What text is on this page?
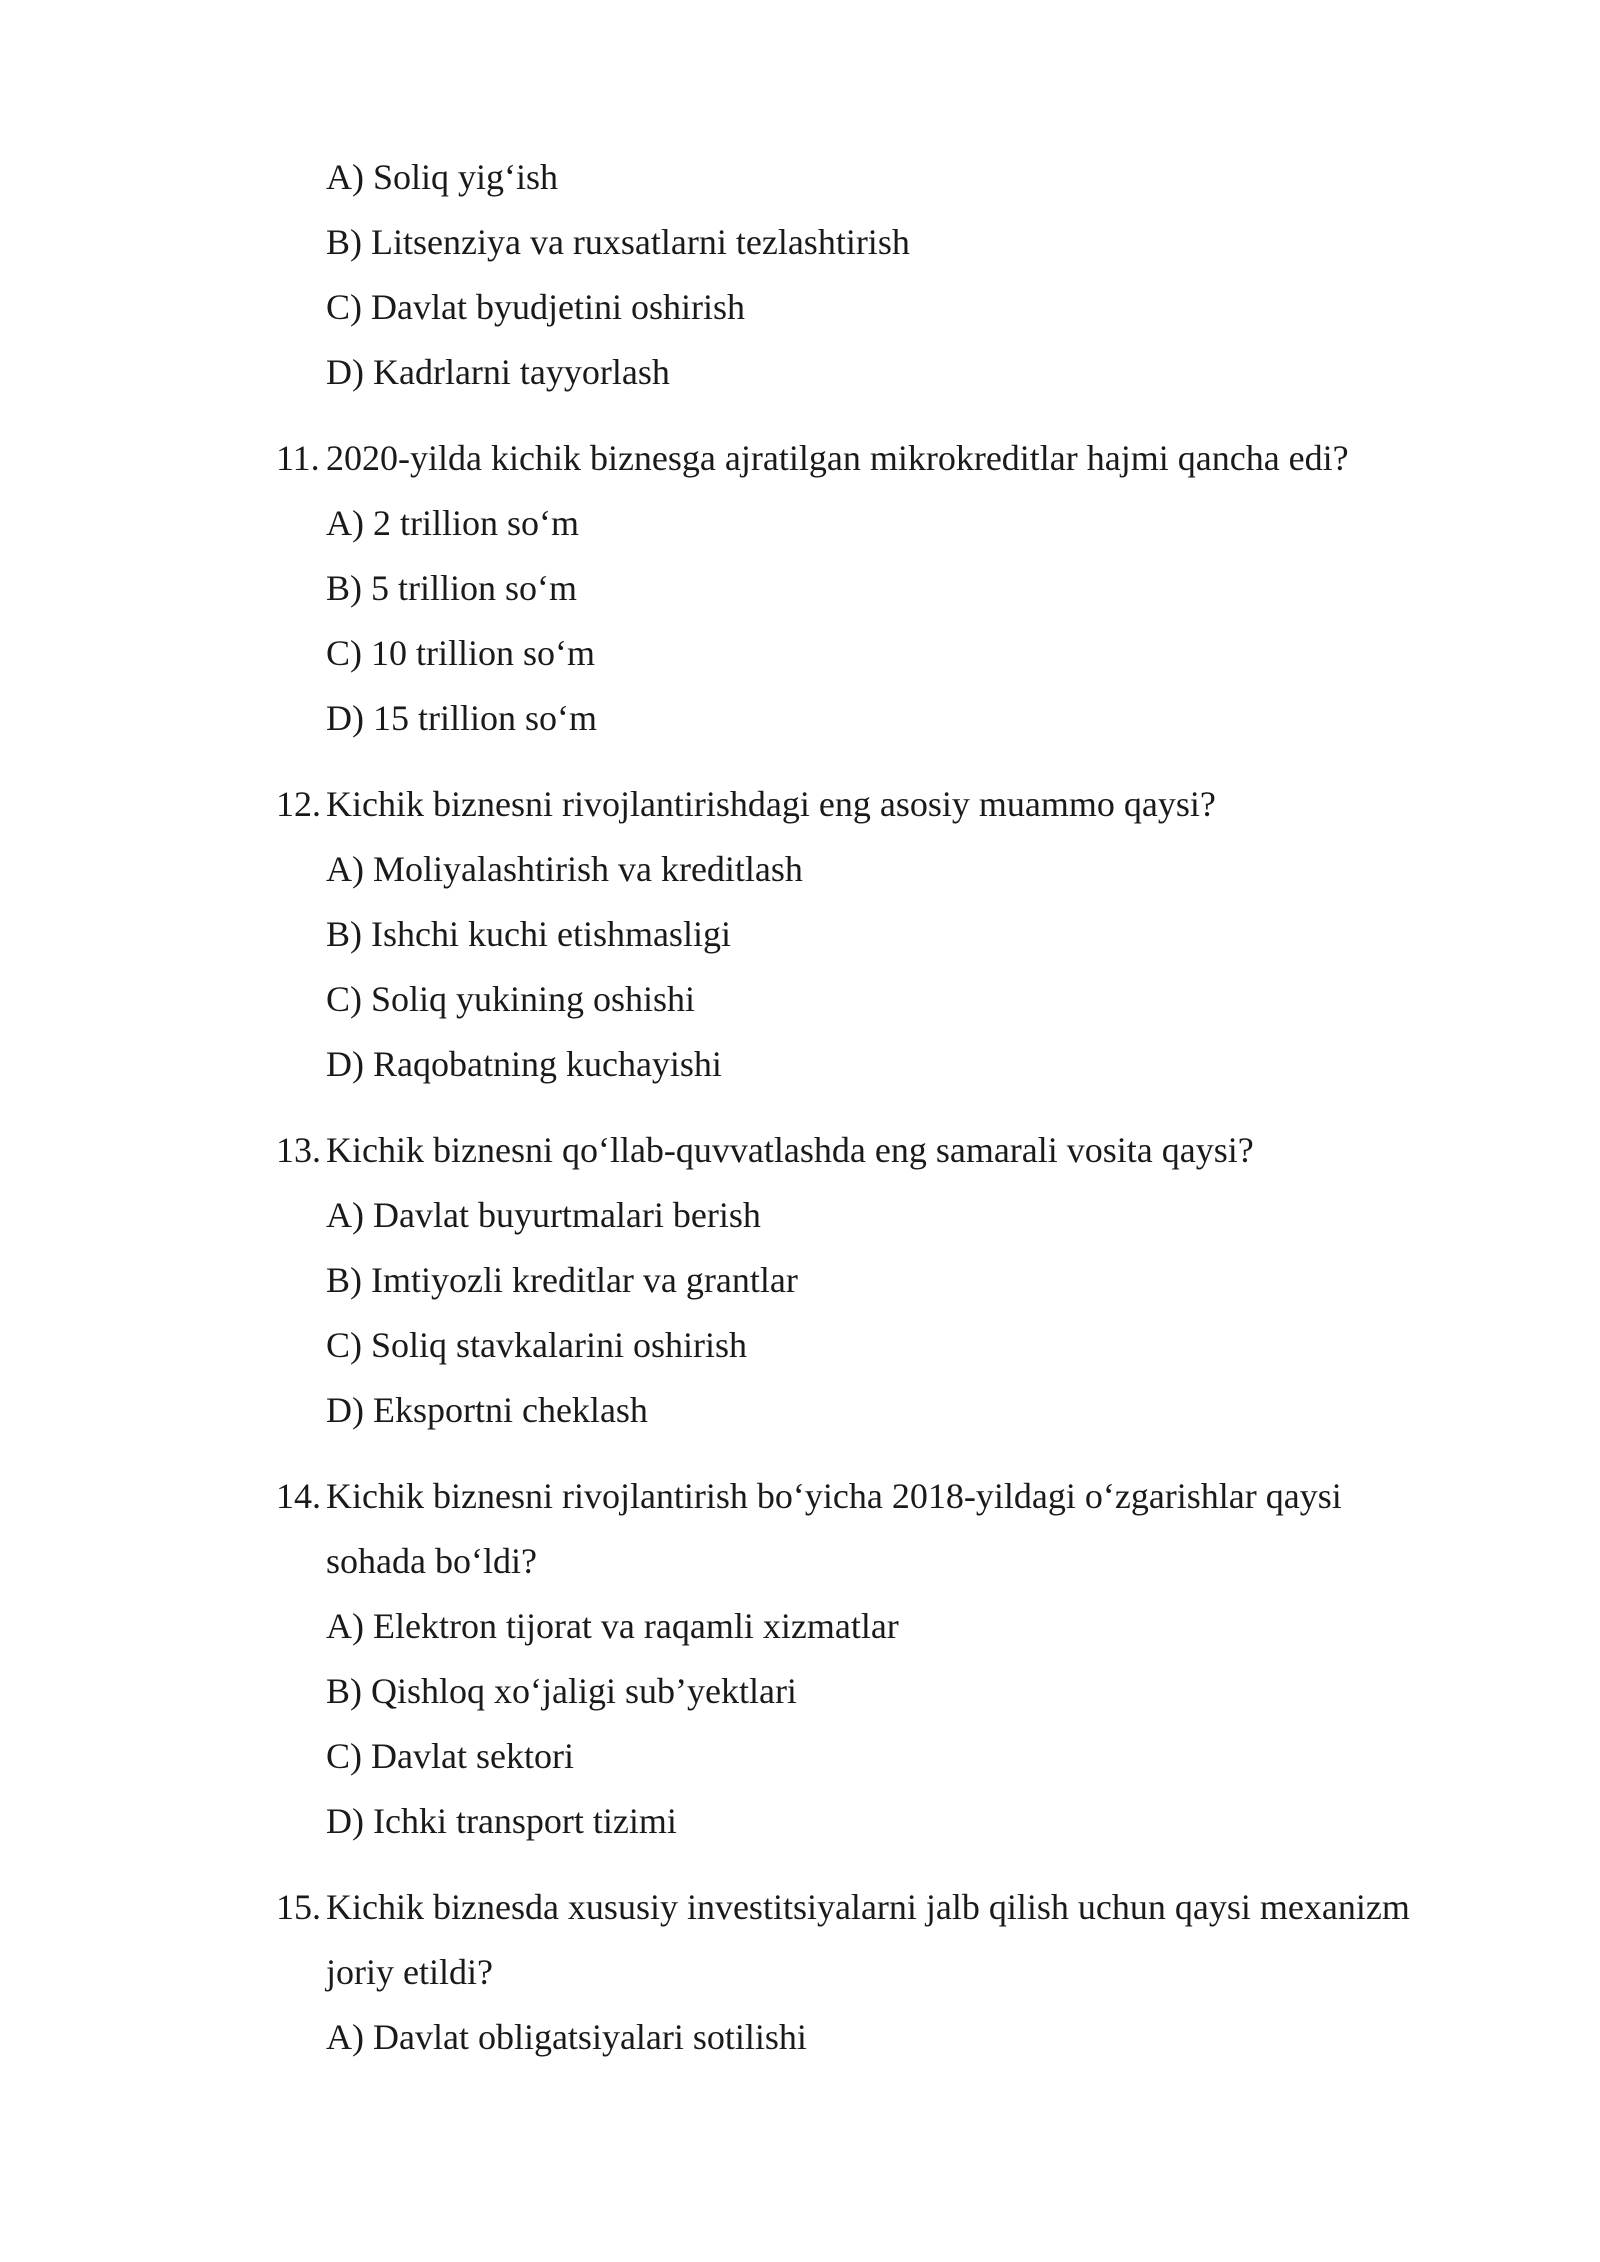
A) Soliq yig‘ish
B) Litsenziya va ruxsatlarni tezlashtirish
C) Davlat byudjetini oshirish
D) Kadrlarni tayyorlash
11. 2020-yilda kichik biznesga ajratilgan mikrokreditlar hajmi qancha edi?
A) 2 trillion so‘m
B) 5 trillion so‘m
C) 10 trillion so‘m
D) 15 trillion so‘m
12. Kichik biznesni rivojlantirishdagi eng asosiy muammo qaysi?
A) Moliyalashtirish va kreditlash
B) Ishchi kuchi etishmasligi
C) Soliq yukining oshishi
D) Raqobatning kuchayishi
13. Kichik biznesni qo‘llab-quvvatlashda eng samarali vosita qaysi?
A) Davlat buyurtmalari berish
B) Imtiyozli kreditlar va grantlar
C) Soliq stavkalarini oshirish
D) Eksportni cheklash
14. Kichik biznesni rivojlantirish bo‘yicha 2018-yildagi o‘zgarishlar qaysi
sohada bo‘ldi?
A) Elektron tijorat va raqamli xizmatlar
B) Qishloq xo‘jaligi sub’yektlari
C) Davlat sektori
D) Ichki transport tizimi
15. Kichik biznesda xususiy investitsiyalarni jalb qilish uchun qaysi mexanizm
joriy etildi?
A) Davlat obligatsiyalari sotilishi
